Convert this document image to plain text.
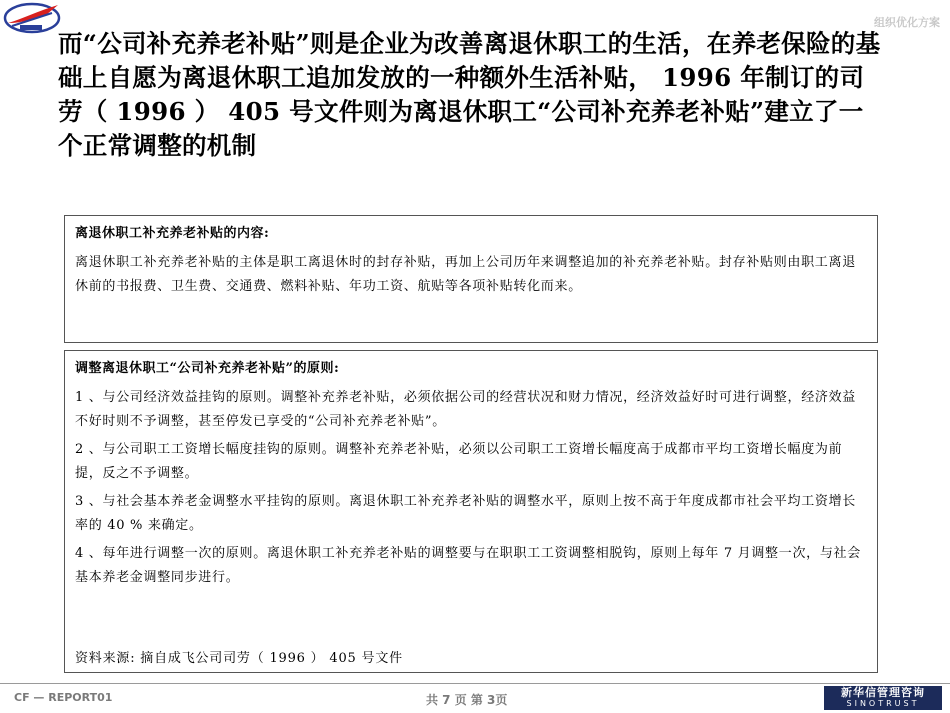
组织优化方案

而“公司补充养老补贴”则是企业为改善离退休职工的生活，在养老保险的基础上自愿为离退休职工追加发放的一种额外生活补贴， 1996 年制订的司劳（ 1996 ） 405 号文件则为离退休职工“公司补充养老补贴”建立了一个正常调整的机制

离退休职工补充养老补贴的内容:
离退休职工补充养老补贴的主体是职工离退休时的封存补贴，再加上公司历年来调整追加的补充养老补贴。封存补贴则由职工离退休前的书报费、卫生费、交通费、燃料补贴、年功工资、航贴等各项补贴转化而来。
调整离退休职工“公司补充养老补贴”的原则:
1 、与公司经济效益挂钩的原则。调整补充养老补贴，必须依据公司的经营状况和财力情况，经济效益好时可进行调整，经济效益不好时则不予调整，甚至停发已享受的“公司补充养老补贴”。
2 、与公司职工工资增长幅度挂钩的原则。调整补充养老补贴，必须以公司职工工资增长幅度高于成都市平均工资增长幅度为前提，反之不予调整。
3 、与社会基本养老金调整水平挂钩的原则。离退休职工补充养老补贴的调整水平，原则上按不高于年度成都市社会平均工资增长率的 40 % 来确定。
4 、每年进行调整一次的原则。离退休职工补充养老补贴的调整要与在职职工工资调整相脱钩，原则上每年 7 月调整一次，与社会基本养老金调整同步进行。
资料来源: 摘自成飞公司司劳（ 1996 ） 405 号文件
CF — REPORT01	共 7 页 第 3页
新华信管理咨询
SINOTRUST
